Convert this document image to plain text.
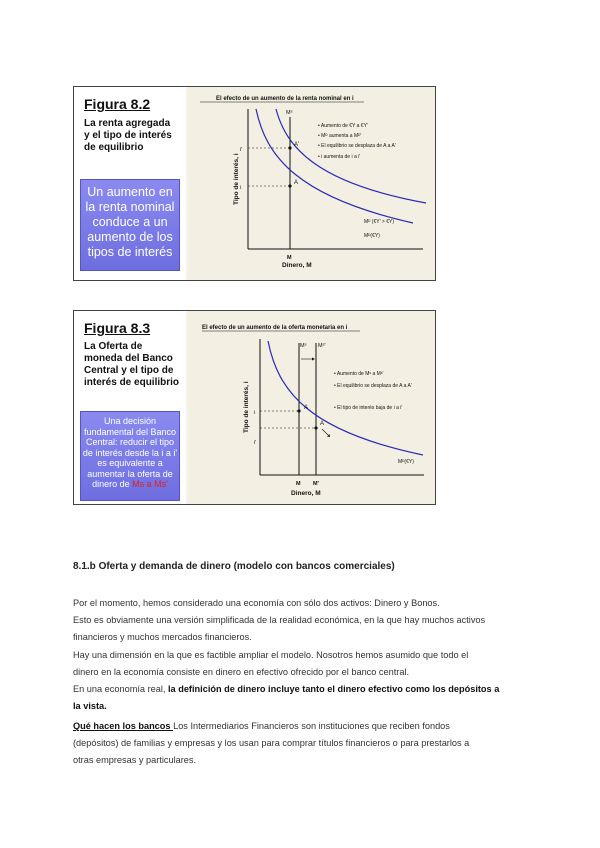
Figura 8.2
La renta agregada
y el tipo de interés
de equilibrio
Un aumento en
la renta nominal
conduce a un
aumento de los
tipos de interés
El efecto de un aumento de la renta nominal en i
Tipo de interés, i
Dinero, M
Mˢ
M
i'
i
A'
A
Mᴰ (€Y' > €Y)
Mᴰ(€Y)
• Aumento de €Y a €Y'
• Mᴰ aumenta a Mᴰ'
• El equilibrio se desplaza de A a A'
• i aumenta de i a i'
Figura 8.3
La Oferta de
moneda del Banco
Central y el tipo de
interés de equilibrio
Una decisión
fundamental del Banco
Central: reducir el tipo
de interés desde la i a i'
es equivalente a
aumentar la oferta de
dinero de Ms a Ms'
El efecto de un aumento de la oferta monetaria en i
Tipo de interés, i
Dinero, M
Mˢ Mˢ'
M M'
i
i'
A
A
Mᴰ(€Y)
• Aumento de Mˢ a Mˢ'
• El equilibrio se desplaza de A a A'
• El tipo de interés baja de i a i'
8.1.b Oferta y demanda de dinero (modelo con bancos comerciales)
Por el momento, hemos considerado una economía con sólo dos activos: Dinero y Bonos.
Esto es obviamente una versión simplificada de la realidad económica, en la que hay muchos activos
financieros y muchos mercados financieros.
Hay una dimensión en la que es factible ampliar el modelo. Nosotros hemos asumido que todo el
dinero en la economía consiste en dinero en efectivo ofrecido por el banco central.
En una economía real, la definición de dinero incluye tanto el dinero efectivo como los depósitos a
la vista.
Qué hacen los bancos Los Intermediarios Financieros son instituciones que reciben fondos
(depósitos) de familias y empresas y los usan para comprar títulos financieros o para prestarlos a
otras empresas y particulares.
